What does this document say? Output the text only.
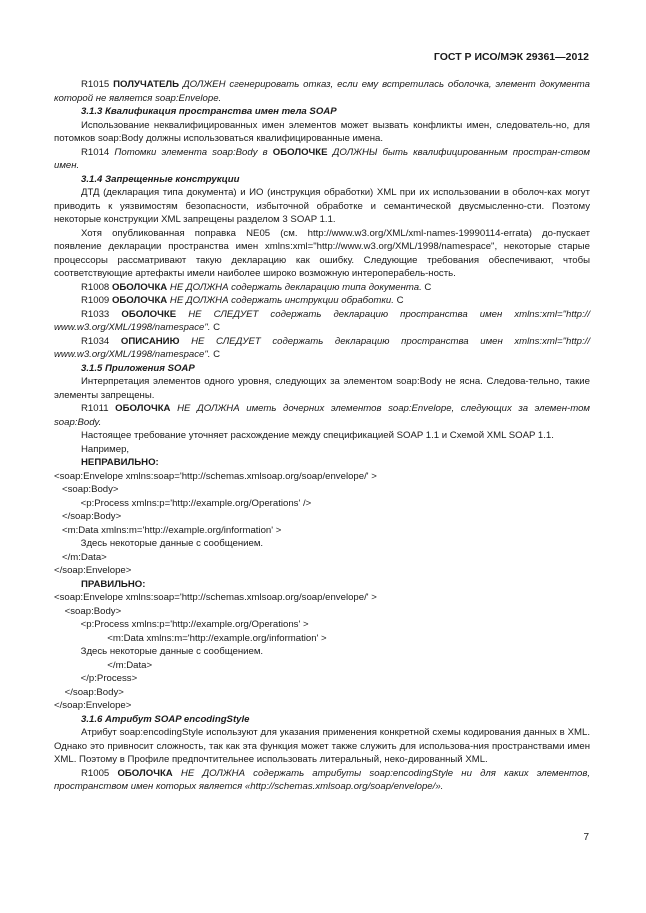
ГОСТ Р ИСО/МЭК 29361—2012

R1015 ПОЛУЧАТЕЛЬ ДОЛЖЕН сгенерировать отказ, если ему встретилась оболочка, элемент документа которой не является soap:Envelope.

3.1.3 Квалификация пространства имен тела SOAP

Использование неквалифицированных имен элементов может вызвать конфликты имен, следователь-но, для потомков soap:Body должны использоваться квалифицированные имена.

R1014 Потомки элемента soap:Body в ОБОЛОЧКЕ ДОЛЖНЫ быть квалифицированным простран-ством имен.

3.1.4 Запрещенные конструкции

ДТД (декларация типа документа) и ИО (инструкция обработки) XML при их использовании в оболоч-ках могут приводить к уязвимостям безопасности, избыточной обработке и семантической двусмысленно-сти. Поэтому некоторые конструкции XML запрещены разделом 3 SOAP 1.1.

Хотя опубликованная поправка NE05 (см. http://www.w3.org/XML/xml-names-19990114-errata) до-пускает появление декларации пространства имен xmlns:xml="http://www.w3.org/XML/1998/namespace", некоторые старые процессоры рассматривают такую декларацию как ошибку. Следующие требования обеспечивают, чтобы соответствующие артефакты имели наиболее широко возможную интероперабель-ность.

R1008 ОБОЛОЧКА НЕ ДОЛЖНА содержать декларацию типа документа. C

R1009 ОБОЛОЧКА НЕ ДОЛЖНА содержать инструкции обработки. C

R1033 ОБОЛОЧКЕ НЕ СЛЕДУЕТ содержать декларацию пространства имен xmlns:xml="http:// www.w3.org/XML/1998/namespace". C

R1034 ОПИСАНИЮ НЕ СЛЕДУЕТ содержать декларацию пространства имен xmlns:xml="http:// www.w3.org/XML/1998/namespace". C

3.1.5 Приложения SOAP

Интерпретация элементов одного уровня, следующих за элементом soap:Body не ясна. Следова-тельно, такие элементы запрещены.

R1011 ОБОЛОЧКА НЕ ДОЛЖНА иметь дочерних элементов soap:Envelope, следующих за элемен-том soap:Body.

Настоящее требование уточняет расхождение между спецификацией SOAP 1.1 и Схемой XML SOAP 1.1.

Например,

НЕПРАВИЛЬНО:

<soap:Envelope xmlns:soap='http://schemas.xmlsoap.org/soap/envelope/' >

<soap:Body>

<p:Process xmlns:p='http://example.org/Operations' />

</soap:Body>

<m:Data xmlns:m='http://example.org/information' >

Здесь некоторые данные с сообщением.

</m:Data>

</soap:Envelope>

ПРАВИЛЬНО:

<soap:Envelope xmlns:soap='http://schemas.xmlsoap.org/soap/envelope/' >

<soap:Body>

<p:Process xmlns:p='http://example.org/Operations' >

<m:Data xmlns:m='http://example.org/information' >

Здесь некоторые данные с сообщением.

</m:Data>

</p:Process>

</soap:Body>

</soap:Envelope>

3.1.6 Атрибут SOAP encodingStyle

Атрибут soap:encodingStyle используют для указания применения конкретной схемы кодирования данных в XML. Однако это привносит сложность, так как эта функция может также служить для использова-ния пространствами имен XML. Поэтому в Профиле предпочтительнее использовать литеральный, неко-дированный XML.

R1005 ОБОЛОЧКА НЕ ДОЛЖНА содержать атрибуты soap:encodingStyle ни для каких элементов, пространством имен которых является «http://schemas.xmlsoap.org/soap/envelope/».

7
